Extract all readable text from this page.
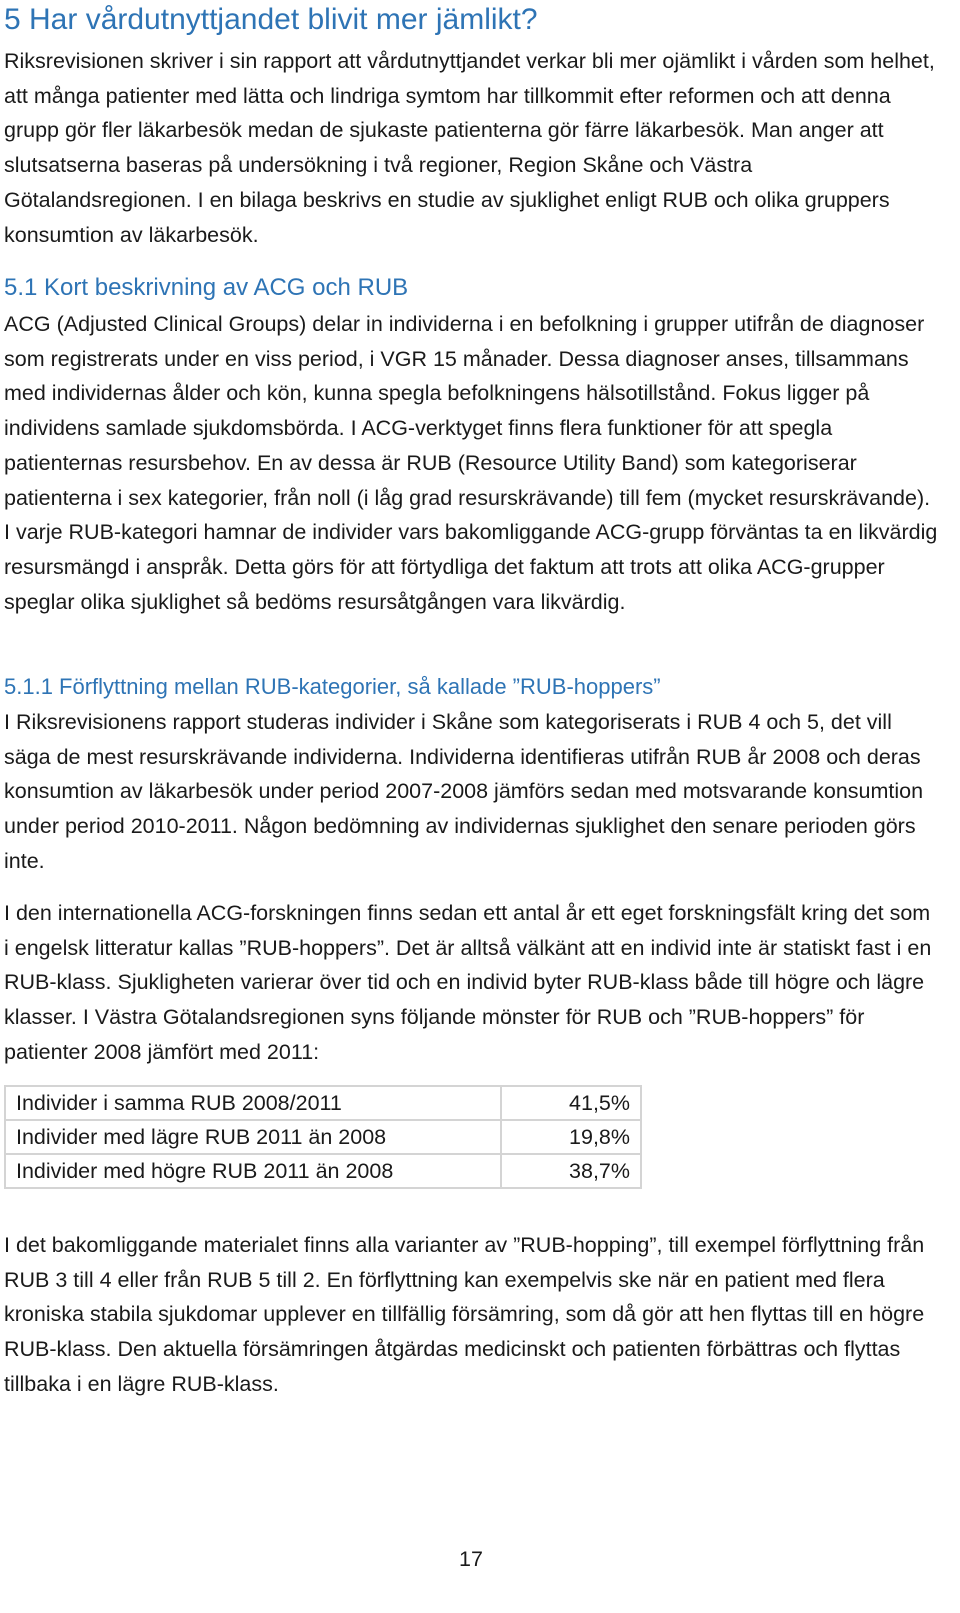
5 Har vårdutnyttjandet blivit mer jämlikt?

Riksrevisionen skriver i sin rapport att vårdutnyttjandet verkar bli mer ojämlikt i vården som helhet, att många patienter med lätta och lindriga symtom har tillkommit efter reformen och att denna grupp gör fler läkarbesök medan de sjukaste patienterna gör färre läkarbesök. Man anger att slutsatserna baseras på undersökning i två regioner, Region Skåne och Västra Götalandsregionen. I en bilaga beskrivs en studie av sjuklighet enligt RUB och olika gruppers konsumtion av läkarbesök.

5.1 Kort beskrivning av ACG och RUB

ACG (Adjusted Clinical Groups) delar in individerna i en befolkning i grupper utifrån de diagnoser som registrerats under en viss period, i VGR 15 månader. Dessa diagnoser anses, tillsammans med individernas ålder och kön, kunna spegla befolkningens hälsotillstånd. Fokus ligger på individens samlade sjukdomsbörda. I ACG-verktyget finns flera funktioner för att spegla patienternas resursbehov. En av dessa är RUB (Resource Utility Band) som kategoriserar patienterna i sex kategorier, från noll (i låg grad resurskrävande) till fem (mycket resurskrävande). I varje RUB-kategori hamnar de individer vars bakomliggande ACG-grupp förväntas ta en likvärdig resursmängd i anspråk. Detta görs för att förtydliga det faktum att trots att olika ACG-grupper speglar olika sjuklighet så bedöms resursåtgången vara likvärdig.

5.1.1 Förflyttning mellan RUB-kategorier, så kallade ”RUB-hoppers”

I Riksrevisionens rapport studeras individer i Skåne som kategoriserats i RUB 4 och 5, det vill säga de mest resurskrävande individerna. Individerna identifieras utifrån RUB år 2008 och deras konsumtion av läkarbesök under period 2007-2008 jämförs sedan med motsvarande konsumtion under period 2010-2011. Någon bedömning av individernas sjuklighet den senare perioden görs inte.

I den internationella ACG-forskningen finns sedan ett antal år ett eget forskningsfält kring det som i engelsk litteratur kallas ”RUB-hoppers”. Det är alltså välkänt att en individ inte är statiskt fast i en RUB-klass. Sjukligheten varierar över tid och en individ byter RUB-klass både till högre och lägre klasser. I Västra Götalandsregionen syns följande mönster för RUB och ”RUB-hoppers” för patienter 2008 jämfört med 2011:

Individer i samma RUB 2008/2011	41,5%
Individer med lägre RUB 2011 än 2008	19,8%
Individer med högre RUB 2011 än 2008	38,7%

I det bakomliggande materialet finns alla varianter av ”RUB-hopping”, till exempel förflyttning från RUB 3 till 4 eller från RUB 5 till 2. En förflyttning kan exempelvis ske när en patient med flera kroniska stabila sjukdomar upplever en tillfällig försämring, som då gör att hen flyttas till en högre RUB-klass. Den aktuella försämringen åtgärdas medicinskt och patienten förbättras och flyttas tillbaka i en lägre RUB-klass.

17
